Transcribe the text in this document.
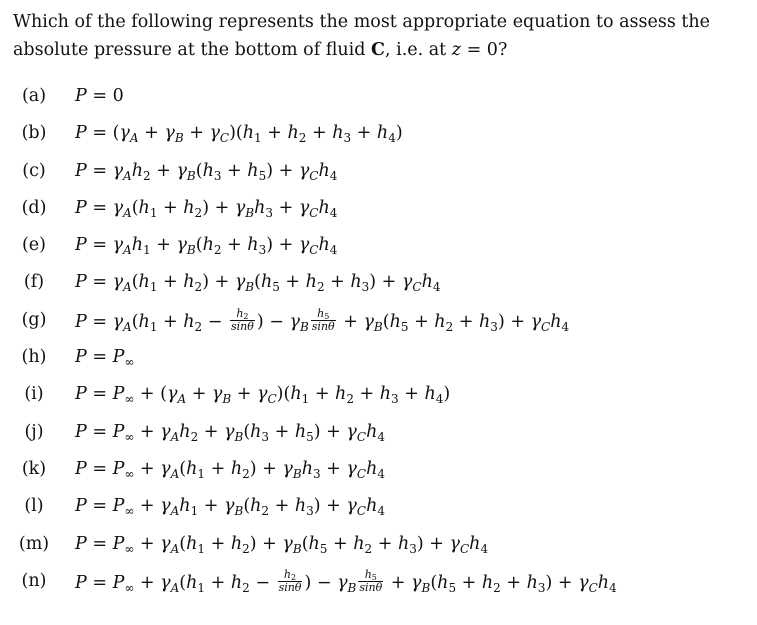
Which of the following represents the most appropriate equation to assess the absolute pressure at the bottom of fluid C, i.e. at z = 0?
(a) P = 0
(b) $P = (\gamma_A + \gamma_B + \gamma_C)(h_1 + h_2 + h_3 + h_4)$
(c) $P = \gamma_Ah_2 + \gamma_B(h_3 + h_5) + \gamma_Ch_4$
(d) $P = \gamma_A(h_1 + h_2) + \gamma_Bh_3 + \gamma_Ch_4$
(e) $P = \gamma_Ah_1 + \gamma_B(h_2 + h_3) + \gamma_Ch_4$
(f)	$P = \gamma_A(h_1 + h_2) + \gamma_B(h_5 + h_2 + h_3) + \gamma_Ch_4$
(g) $P = \gamma_A(h_1 + h_2 - \frac{h_2}{\sin\theta}$ ) − $\gamma_B \frac{h_5}{\sin\theta} + \gamma_B(h_5 + h_2 + h_3) + \gamma_Ch_4$
(h) $P = P_\infty$
(i)	$P = P_\infty + (\gamma_A + \gamma_B + \gamma_C)(h_1 + h_2 + h_3 + h_4)$
(j)	$P = P_\infty + \gamma_Ah_2 + \gamma_B(h_3 + h_5) + \gamma_Ch_4$
(k) $P = P_\infty + \gamma_A(h_1 + h_2) + \gamma_Bh_3 + \gamma_Ch_4$
(l)	$P = P_\infty + \gamma_Ah_1 + \gamma_B(h_2 + h_3) + \gamma_Ch_4$
(m) $P = P_\infty + \gamma_A(h_1 + h_2) + \gamma_B(h_5 + h_2 + h_3) + \gamma_Ch_4$
(n) $P = P_\infty + \gamma_A(h_1 + h_2 - \frac{h_2}{\sin\theta}$ ) − $\gamma_B \frac{h_5}{\sin\theta} + \gamma_B(h_5 + h_2 + h_3) + \gamma_Ch_4$
